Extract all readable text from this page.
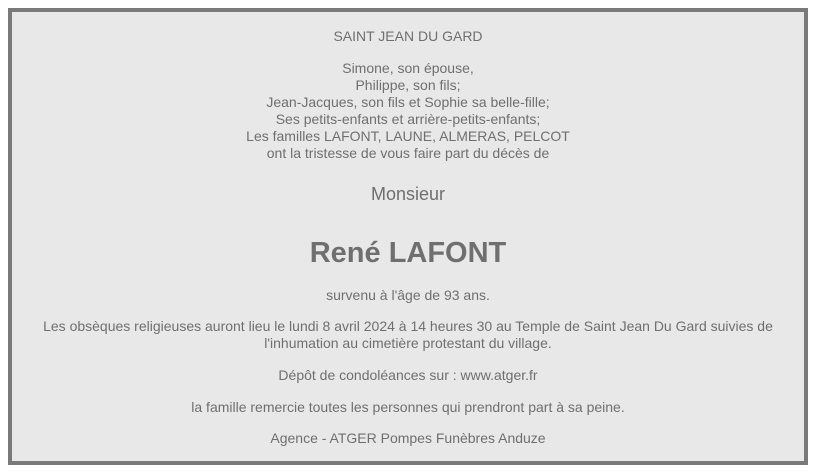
SAINT JEAN DU GARD
Simone, son épouse,
Philippe, son fils;
Jean-Jacques, son fils et Sophie sa belle-fille;
Ses petits-enfants et arrière-petits-enfants;
Les familles LAFONT, LAUNE, ALMERAS, PELCOT
ont la tristesse de vous faire part du décès de
Monsieur
René LAFONT
survenu à l'âge de 93 ans.
Les obsèques religieuses auront lieu le lundi 8 avril 2024 à 14 heures 30 au Temple de Saint Jean Du Gard suivies de l'inhumation au cimetière protestant du village.
Dépôt de condoléances sur : www.atger.fr
la famille remercie toutes les personnes qui prendront part à sa peine.
Agence - ATGER Pompes Funèbres Anduze
